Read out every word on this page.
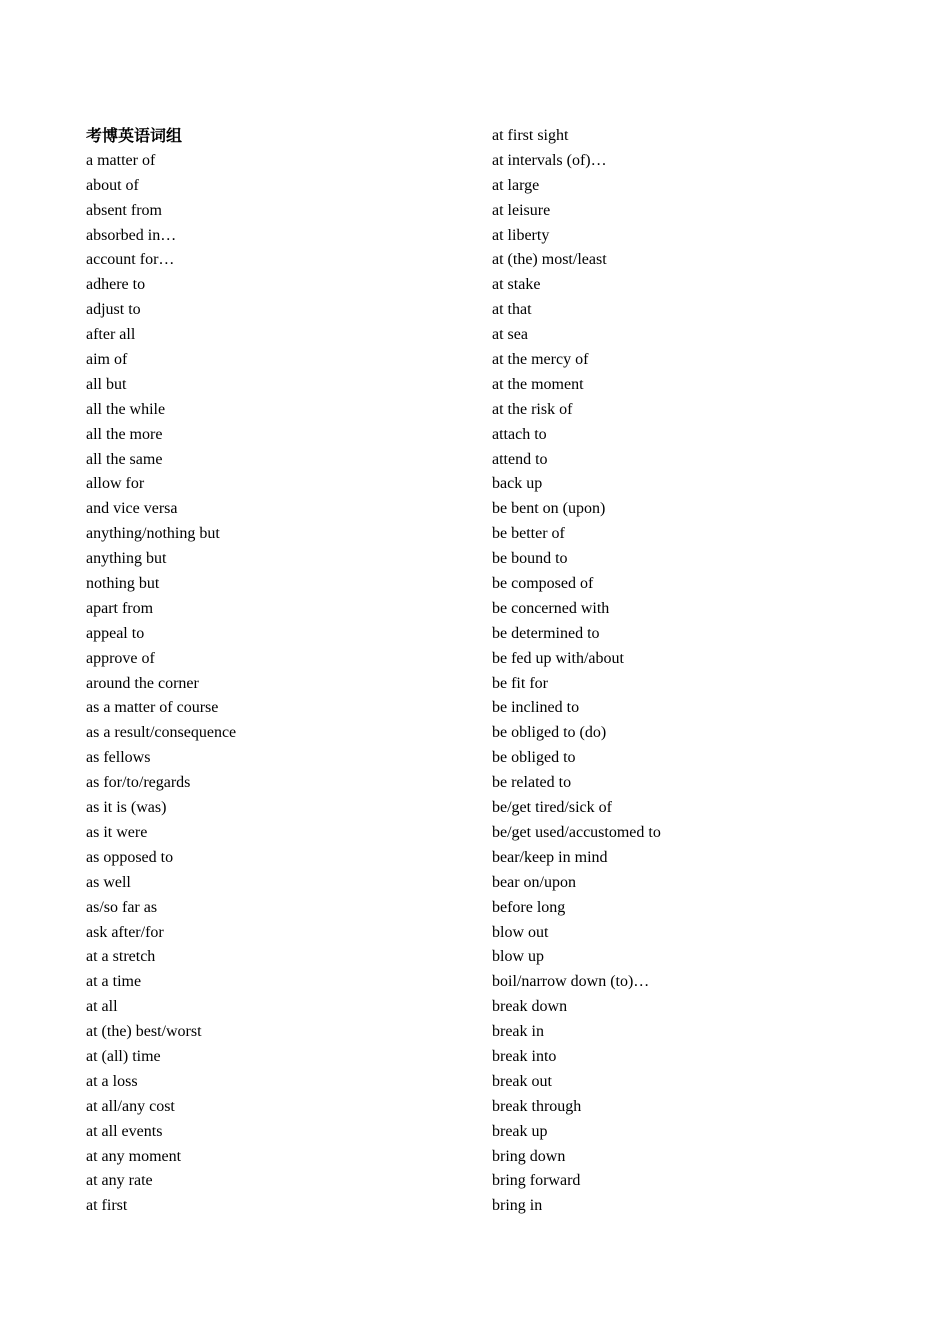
考博英语词组
a matter of
about of
absent from
absorbed in…
account for…
adhere to
adjust to
after all
aim of
all but
all the while
all the more
all the same
allow for
and vice versa
anything/nothing but
anything but
nothing but
apart from
appeal to
approve of
around the corner
as a matter of course
as a result/consequence
as fellows
as for/to/regards
as it is (was)
as it were
as opposed to
as well
as/so far as
ask after/for
at a stretch
at a time
at all
at (the) best/worst
at (all) time
at a loss
at all/any cost
at all events
at any moment
at any rate
at first
at first sight
at intervals (of)…
at large
at leisure
at liberty
at (the) most/least
at stake
at that
at sea
at the mercy of
at the moment
at the risk of
attach to
attend to
back up
be bent on (upon)
be better of
be bound to
be composed of
be concerned with
be determined to
be fed up with/about
be fit for
be inclined to
be obliged to (do)
be obliged to
be related to
be/get tired/sick of
be/get used/accustomed to
bear/keep in mind
bear on/upon
before long
blow out
blow up
boil/narrow down (to)…
break down
break in
break into
break out
break through
break up
bring down
bring forward
bring in
